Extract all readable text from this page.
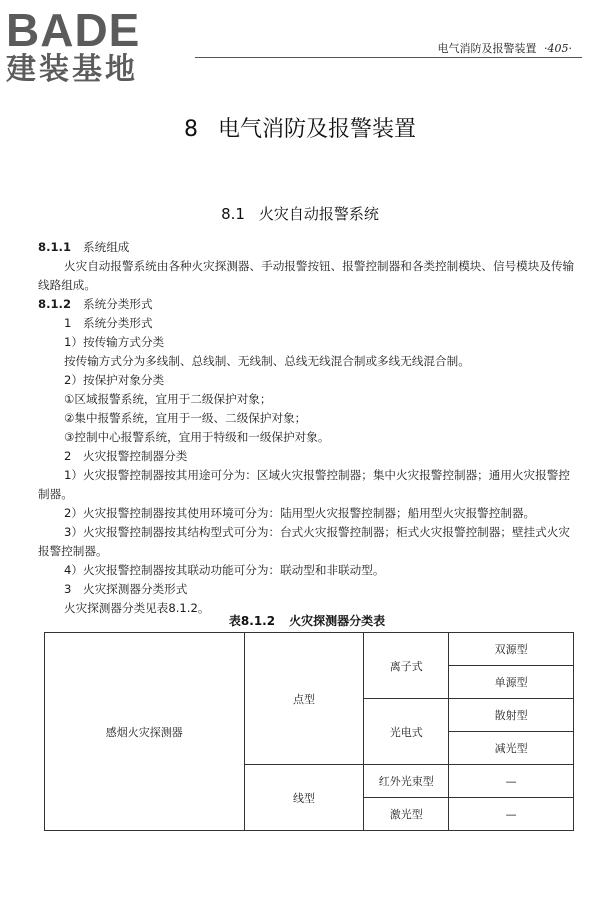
BADE
建装基地
电气消防及报警装置 ·405·
8 电气消防及报警装置
8.1 火灾自动报警系统

8.1.1 系统组成

火灾自动报警系统由各种火灾探测器、手动报警按钮、报警控制器和各类控制模块、信号模块及传输线路组成。

8.1.2 系统分类形式

1　系统分类形式

1）按传输方式分类

按传输方式分为多线制、总线制、无线制、总线无线混合制或多线无线混合制。

2）按保护对象分类

①区域报警系统，宜用于二级保护对象；

②集中报警系统，宜用于一级、二级保护对象；

③控制中心报警系统，宜用于特级和一级保护对象。

2　火灾报警控制器分类

1）火灾报警控制器按其用途可分为：区域火灾报警控制器；集中火灾报警控制器；通用火灾报警控制器。

2）火灾报警控制器按其使用环境可分为：陆用型火灾报警控制器；船用型火灾报警控制器。

3）火灾报警控制器按其结构型式可分为：台式火灾报警控制器；柜式火灾报警控制器；壁挂式火灾报警控制器。

4）火灾报警控制器按其联动功能可分为：联动型和非联动型。

3　火灾探测器分类形式

火灾探测器分类见表8.1.2。

表8.1.2 火灾探测器分类表
感烟火灾探测器	点型	离子式	双源型
			单源型
		光电式	散射型
			减光型
	线型	红外光束型	—
		激光型	—
